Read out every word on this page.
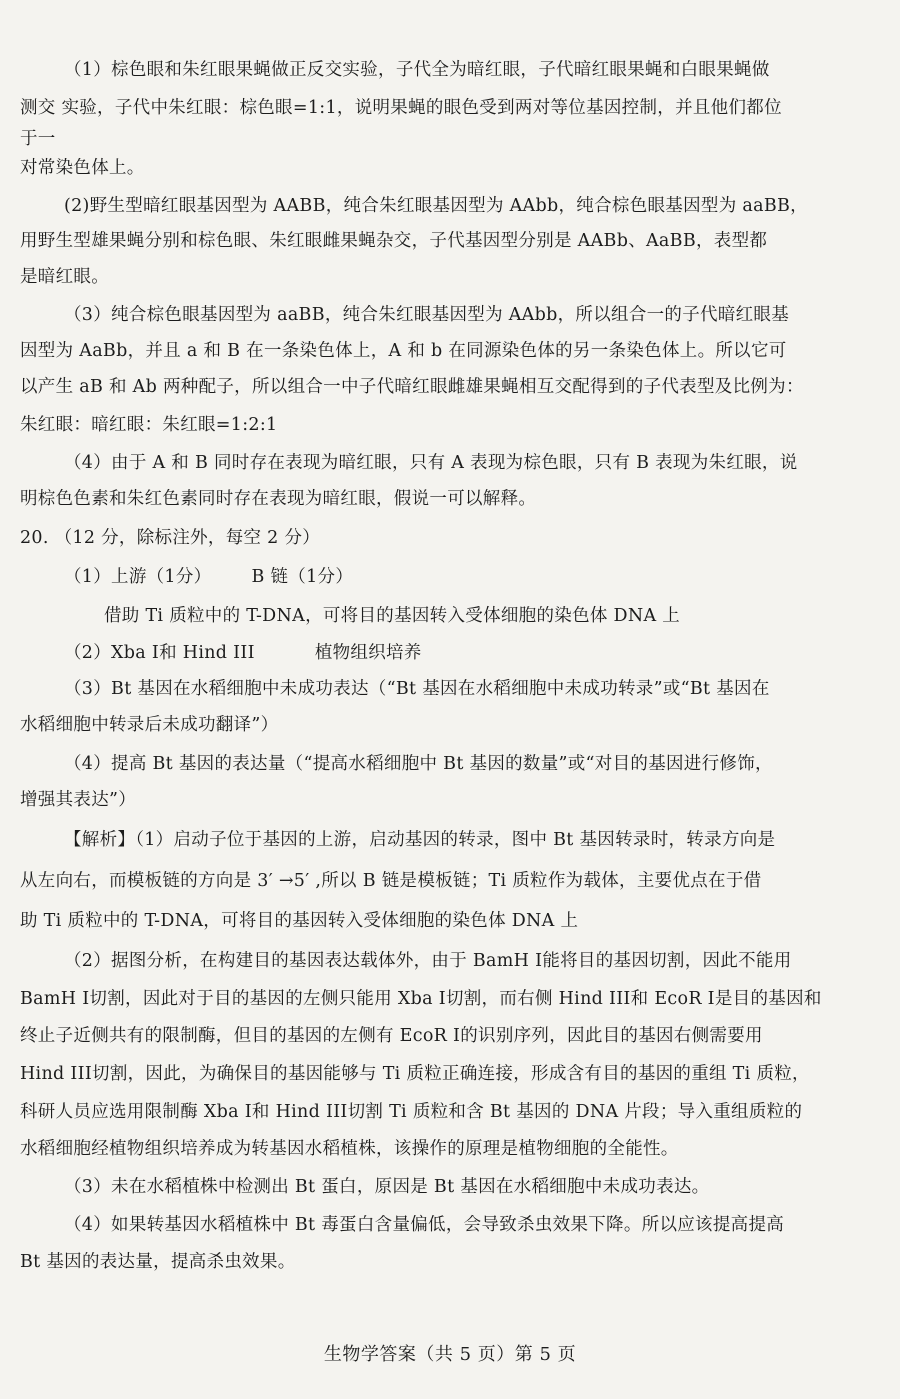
（1）棕色眼和朱红眼果蝇做正反交实验，子代全为暗红眼，子代暗红眼果蝇和白眼果蝇做
测交 实验，子代中朱红眼：棕色眼=1:1，说明果蝇的眼色受到两对等位基因控制，并且他们都位
于一
对常染色体上。
(2)野生型暗红眼基因型为 AABB，纯合朱红眼基因型为 AAbb，纯合棕色眼基因型为 aaBB，
用野生型雄果蝇分别和棕色眼、朱红眼雌果蝇杂交，子代基因型分别是 AABb、AaBB，表型都
是暗红眼。
（3）纯合棕色眼基因型为 aaBB，纯合朱红眼基因型为 AAbb，所以组合一的子代暗红眼基
因型为 AaBb，并且 a 和 B 在一条染色体上，A 和 b 在同源染色体的另一条染色体上。所以它可
以产生 aB 和 Ab 两种配子，所以组合一中子代暗红眼雌雄果蝇相互交配得到的子代表型及比例为：
朱红眼：暗红眼：朱红眼=1:2:1
（4）由于 A 和 B 同时存在表现为暗红眼，只有 A 表现为棕色眼，只有 B 表现为朱红眼，说
明棕色色素和朱红色素同时存在表现为暗红眼，假说一可以解释。
20. （12 分，除标注外，每空 2 分）
（1）上游（1分） B 链（1分）
借助 Ti 质粒中的 T-DNA，可将目的基因转入受体细胞的染色体 DNA 上
（2）Xba I和 Hind III	植物组织培养
（3）Bt 基因在水稻细胞中未成功表达（“Bt 基因在水稻细胞中未成功转录”或“Bt 基因在
水稻细胞中转录后未成功翻译”）
（4）提高 Bt 基因的表达量（“提高水稻细胞中 Bt 基因的数量”或“对目的基因进行修饰，
增强其表达”）
【解析】（1）启动子位于基因的上游，启动基因的转录，图中 Bt 基因转录时，转录方向是
从左向右，而模板链的方向是 3′ →5′ ,所以 B 链是模板链；Ti 质粒作为载体，主要优点在于借
助 Ti 质粒中的 T-DNA，可将目的基因转入受体细胞的染色体 DNA 上
（2）据图分析，在构建目的基因表达载体外，由于 BamH I能将目的基因切割，因此不能用
BamH I切割，因此对于目的基因的左侧只能用 Xba I切割，而右侧 Hind III和 EcoR I是目的基因和
终止子近侧共有的限制酶，但目的基因的左侧有 EcoR I的识别序列，因此目的基因右侧需要用
Hind III切割，因此，为确保目的基因能够与 Ti 质粒正确连接，形成含有目的基因的重组 Ti 质粒，
科研人员应选用限制酶 Xba I和 Hind III切割 Ti 质粒和含 Bt 基因的 DNA 片段；导入重组质粒的
水稻细胞经植物组织培养成为转基因水稻植株，该操作的原理是植物细胞的全能性。
（3）未在水稻植株中检测出 Bt 蛋白，原因是 Bt 基因在水稻细胞中未成功表达。
（4）如果转基因水稻植株中 Bt 毒蛋白含量偏低，会导致杀虫效果下降。所以应该提高提高
Bt 基因的表达量，提高杀虫效果。
生物学答案（共 5 页）第 5 页
